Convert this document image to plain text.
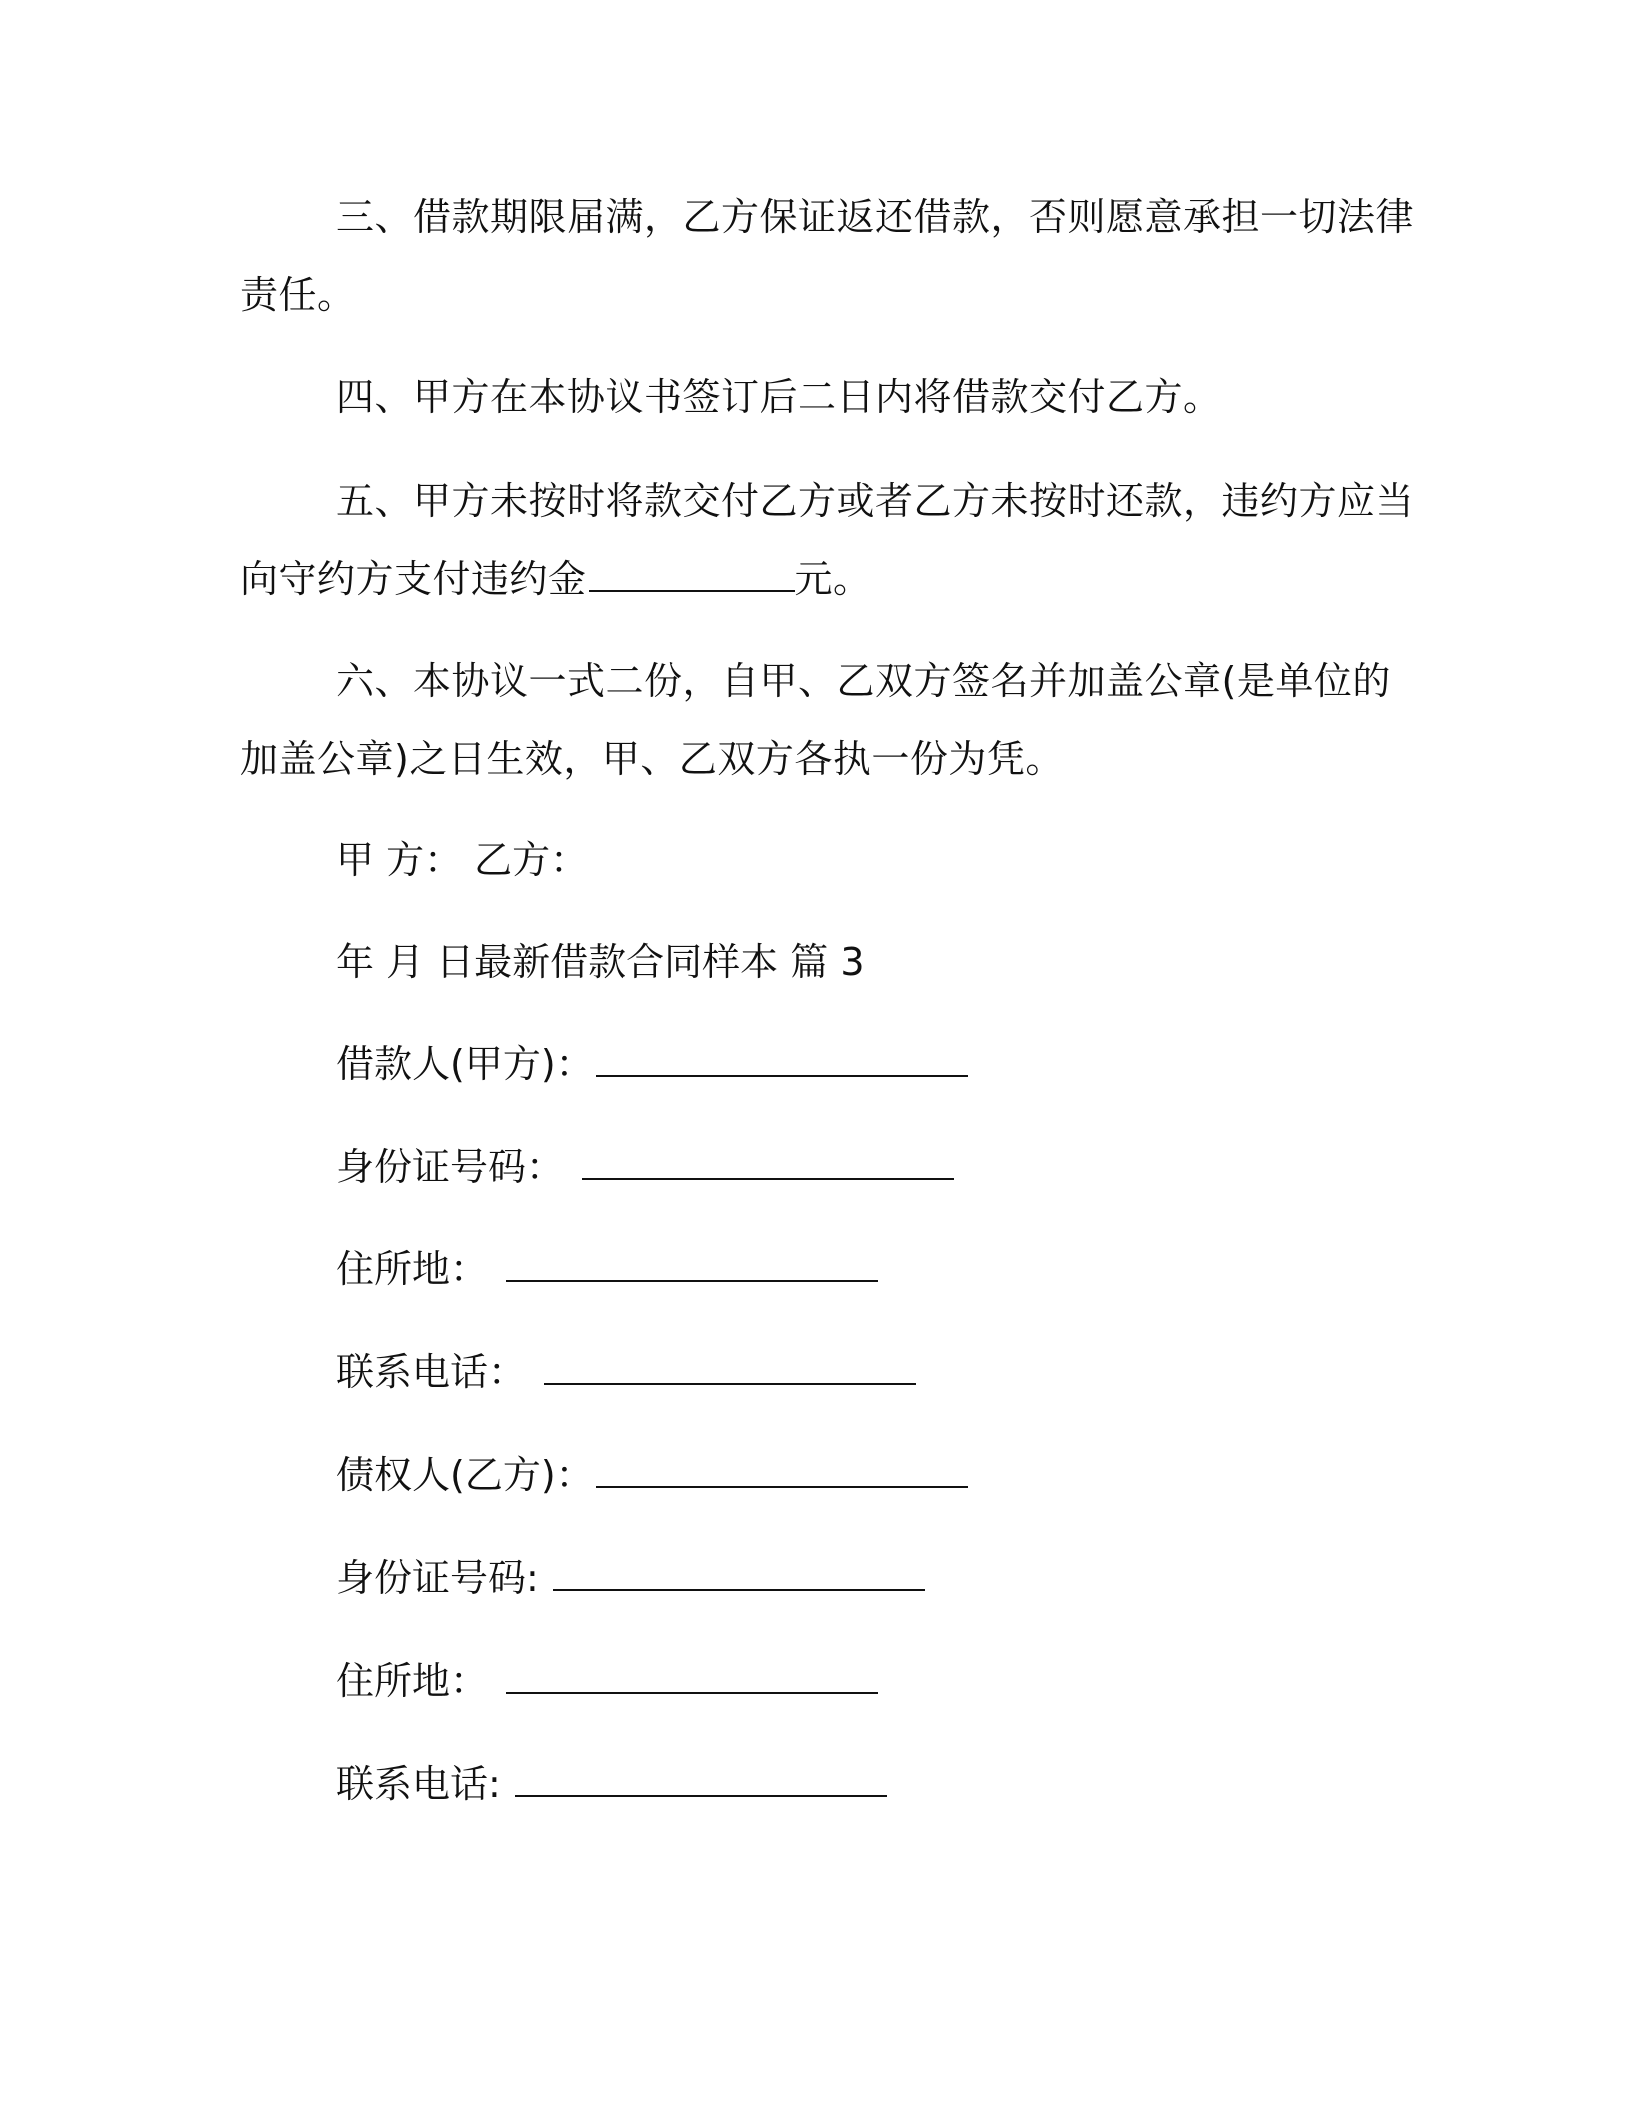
三、借款期限届满，乙方保证返还借款，否则愿意承担一切法律
责任。
四、甲方在本协议书签订后二日内将借款交付乙方。
五、甲方未按时将款交付乙方或者乙方未按时还款，违约方应当
向守约方支付违约金	元。
六、本协议一式二份，自甲、乙双方签名并加盖公章(是单位的
加盖公章)之日生效，甲、乙双方各执一份为凭。

甲 方： 乙方：

年 月 日最新借款合同样本 篇 3

借款人(甲方)：

身份证号码：

住所地：

联系电话：

债权人(乙方)：

身份证号码:

住所地：

联系电话:
